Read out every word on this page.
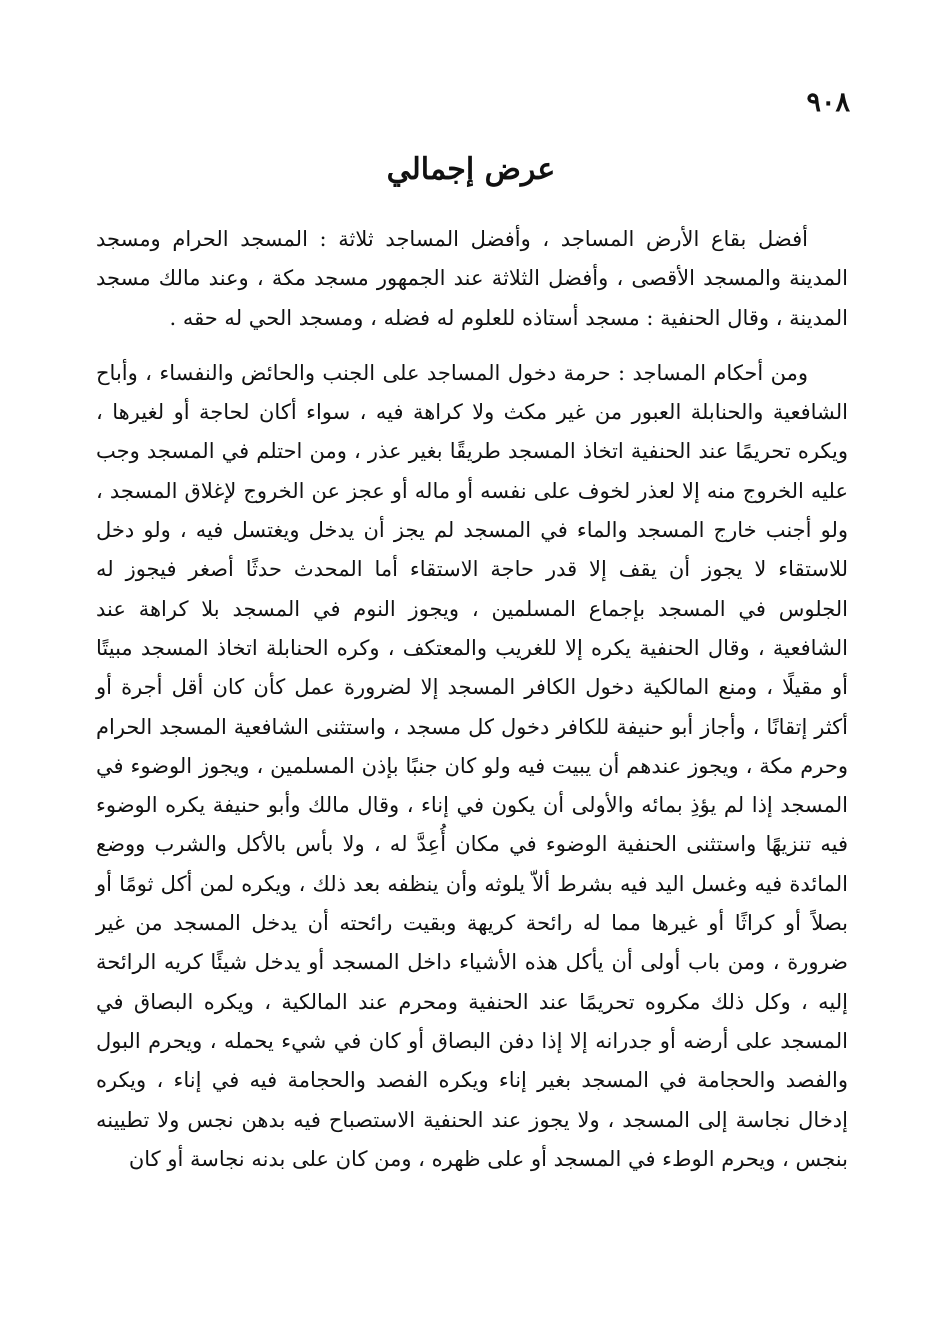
٩٠٨
عرض إجمالي

أفضل بقاع الأرض المساجد ، وأفضل المساجد ثلاثة : المسجد الحرام ومسجد المدينة والمسجد الأقصى ، وأفضل الثلاثة عند الجمهور مسجد مكة ، وعند مالك مسجد المدينة ، وقال الحنفية : مسجد أستاذه للعلوم له فضله ، ومسجد الحي له حقه .

ومن أحكام المساجد : حرمة دخول المساجد على الجنب والحائض والنفساء ، وأباح الشافعية والحنابلة العبور من غير مكث ولا كراهة فيه ، سواء أكان لحاجة أو لغيرها ، ويكره تحريمًا عند الحنفية اتخاذ المسجد طريقًا بغير عذر ، ومن احتلم في المسجد وجب عليه الخروج منه إلا لعذر لخوف على نفسه أو ماله أو عجز عن الخروج لإغلاق المسجد ، ولو أجنب خارج المسجد والماء في المسجد لم يجز أن يدخل ويغتسل فيه ، ولو دخل للاستقاء لا يجوز أن يقف إلا قدر حاجة الاستقاء أما المحدث حدثًا أصغر فيجوز له الجلوس في المسجد بإجماع المسلمين ، ويجوز النوم في المسجد بلا كراهة عند الشافعية ، وقال الحنفية يكره إلا للغريب والمعتكف ، وكره الحنابلة اتخاذ المسجد مبيتًا أو مقيلًا ، ومنع المالكية دخول الكافر المسجد إلا لضرورة عمل كأن كان أقل أجرة أو أكثر إتقانًا ، وأجاز أبو حنيفة للكافر دخول كل مسجد ، واستثنى الشافعية المسجد الحرام وحرم مكة ، ويجوز عندهم أن يبيت فيه ولو كان جنبًا بإذن المسلمين ، ويجوز الوضوء في المسجد إذا لم يؤذِ بمائه والأولى أن يكون في إناء ، وقال مالك وأبو حنيفة يكره الوضوء فيه تنزيهًا واستثنى الحنفية الوضوء في مكان أُعِدَّ له ، ولا بأس بالأكل والشرب ووضع المائدة فيه وغسل اليد فيه بشرط ألاّ يلوثه وأن ينظفه بعد ذلك ، ويكره لمن أكل ثومًا أو بصلاً أو كراثًا أو غيرها مما له رائحة كريهة وبقيت رائحته أن يدخل المسجد من غير ضرورة ، ومن باب أولى أن يأكل هذه الأشياء داخل المسجد أو يدخل شيئًا كريه الرائحة إليه ، وكل ذلك مكروه تحريمًا عند الحنفية ومحرم عند المالكية ، ويكره البصاق في المسجد على أرضه أو جدرانه إلا إذا دفن البصاق أو كان في شيء يحمله ، ويحرم البول والفصد والحجامة في المسجد بغير إناء ويكره الفصد والحجامة فيه في إناء ، ويكره إدخال نجاسة إلى المسجد ، ولا يجوز عند الحنفية الاستصباح فيه بدهن نجس ولا تطيينه بنجس ، ويحرم الوطء في المسجد أو على ظهره ، ومن كان على بدنه نجاسة أو كان
